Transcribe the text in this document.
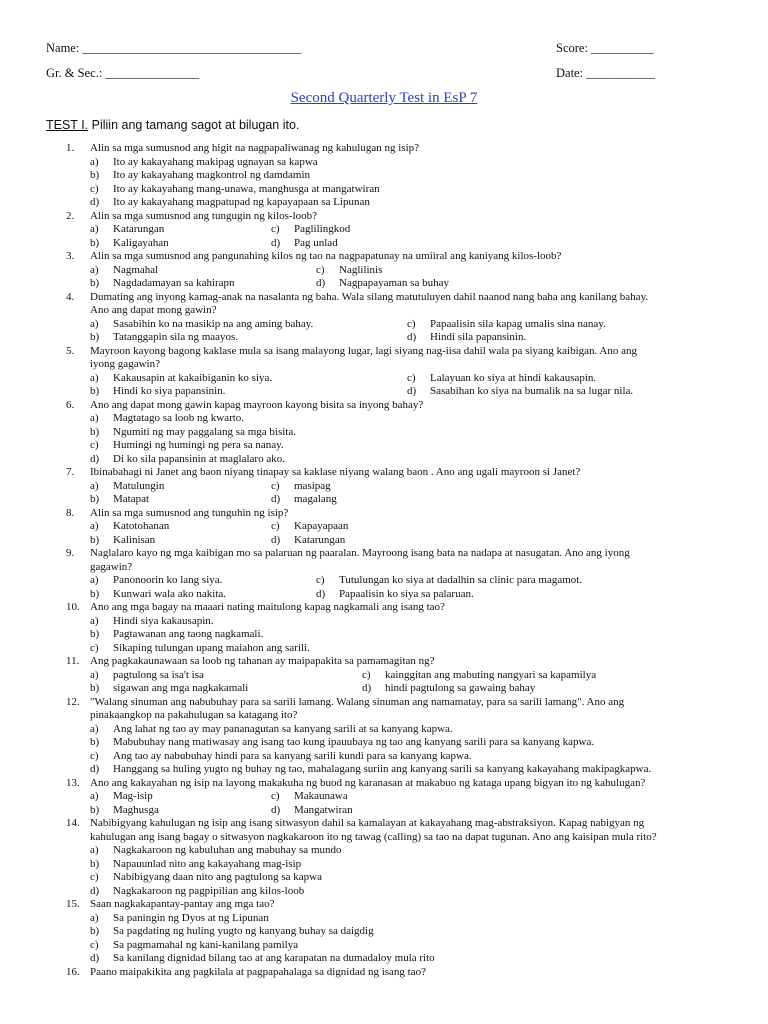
Name: ___________________________________	Score: __________
Gr. & Sec.: _______________	Date: ___________
Second Quarterly Test in EsP 7
TEST I. Piliin ang tamang sagot at bilugan ito.
1.	Alin sa mga sumusnod ang higit na nagpapaliwanag ng kahulugan ng isip?
a) Ito ay kakayahang makipag ugnayan sa kapwa
b) Ito ay kakayahang magkontrol ng damdamin
c) Ito ay kakayahang mang-unawa, manghusga at mangatwiran
d) Ito ay kakayahang magpatupad ng kapayapaan sa Lipunan
2.	Alin sa mga sumusnod ang tungugin ng kilos-loob?
a) Katarungan	c) Paglilingkod
b) Kaligayahan	d) Pag unlad
3.	Alin sa mga sumusnod ang pangunahing kilos ng tao na nagpapatunay na umiiral ang kaniyang kilos-loob?
a) Nagmahal	c) Naglilinis
b) Nagdadamayan sa kahirapn	d) Nagpapayaman sa buhay
4.	Dumating ang inyong kamag-anak na nasalanta ng baha. Wala silang matutuluyen dahil naanod nang baha ang kanilang bahay.
Ano ang dapat mong gawin?
a) Sasabihin ko na masikip na ang aming bahay.	c) Papaalisin sila kapag umalis sina nanay.
b) Tatanggapin sila ng maayos.	d) Hindi sila papansinin.
5.	Mayroon kayong bagong kaklase mula sa isang malayong lugar, lagi siyang nag-iisa dahil wala pa siyang kaibigan. Ano ang
iyong gagawin?
a) Kakausapin at kakaibiganin ko siya.	c) Lalayuan ko siya at hindi kakausapin.
b) Hindi ko siya papansinin.	d) Sasabihan ko siya na bumalik na sa lugar nila.
6.	Ano ang dapat mong gawin kapag mayroon kayong bisita sa inyong bahay?
a) Magtatago sa loob ng kwarto.
b) Ngumiti ng may paggalang sa mga bisita.
c) Humingi ng humingi ng pera sa nanay.
d) Di ko sila papansinin at maglalaro ako.
7.	Ibinabahagi ni Janet ang baon niyang tinapay sa kaklase niyang walang baon . Ano ang ugali mayroon si Janet?
a) Matulungin	c) masipag
b) Matapat	d) magalang
8.	Alin sa mga sumusnod ang tunguhin ng isip?
a) Katotohanan	c) Kapayapaan
b) Kalinisan	d) Katarungan
9.	Naglalaro kayo ng mga kaibigan mo sa palaruan ng paaralan. Mayroong isang bata na nadapa at nasugatan. Ano ang iyong
gagawin?
a) Panonoorin ko lang siya.	c) Tutulungan ko siya at dadalhin sa clinic para magamot.
b) Kunwari wala ako nakita.	d) Papaalisin ko siya sa palaruan.
10. Ano ang mga bagay na maaari nating maitulong kapag nagkamali ang isang tao?
a) Hindi siya kakausapin.
b) Pagtawanan ang taong nagkamali.
c) Sikaping tulungan upang maiahon ang sarili.
11. Ang pagkakaunawaan sa loob ng tahanan ay maipapakita sa pamamagitan ng?
a) pagtulong sa isa't isa	c) kainggitan ang mabuting nangyari sa kapamilya
b) sigawan ang mga nagkakamali	d) hindi pagtulong sa gawaing bahay
12. "Walang sinuman ang nabubuhay para sa sarili lamang. Walang sinuman ang namamatay, para sa sarili lamang". Ano ang
pinakaangkop na pakahulugan sa katagang ito?
a) Ang lahat ng tao ay may pananagutan sa kanyang sarili at sa kanyang kapwa.
b) Mabubuhay nang matiwasay ang isang tao kung ipauubaya ng tao ang kanyang sarili para sa kanyang kapwa.
c) Ang tao ay nabubuhay hindi para sa kanyang sarili kundi para sa kanyang kapwa.
d) Hanggang sa huling yugto ng buhay ng tao, mahalagang suriin ang kanyang sarili sa kanyang kakayahang makipagkapwa.
13. Ano ang kakayahan ng isip na layong makakuha ng buod ng karanasan at makabuo ng kataga upang bigyan ito ng kahulugan?
a) Mag-isip	c) Makaunawa
b) Maghusga	d) Mangatwiran
14. Nabibigyang kahulugan ng isip ang isang sitwasyon dahil sa kamalayan at kakayahang mag-abstraksiyon. Kapag nabigyan ng
kahulugan ang isang bagay o sitwasyon nagkakaroon ito ng tawag (calling) sa tao na dapat tugunan. Ano ang kaisipan mula rito?
a) Nagkakaroon ng kabuluhan ang mabuhay sa mundo
b) Napauunlad nito ang kakayahang mag-isip
c) Nabibigyang daan nito ang pagtulong sa kapwa
d) Nagkakaroon ng pagpipilian ang kilos-loob
15. Saan nagkakapantay-pantay ang mga tao?
a) Sa paningin ng Dyos at ng Lipunan
b) Sa pagdating ng huling yugto ng kanyang buhay sa daigdig
c) Sa pagmamahal ng kani-kanilang pamilya
d) Sa kanilang dignidad bilang tao at ang karapatan na dumadaloy mula rito
16. Paano maipakikita ang pagkilala at pagpapahalaga sa dignidad ng isang tao?
